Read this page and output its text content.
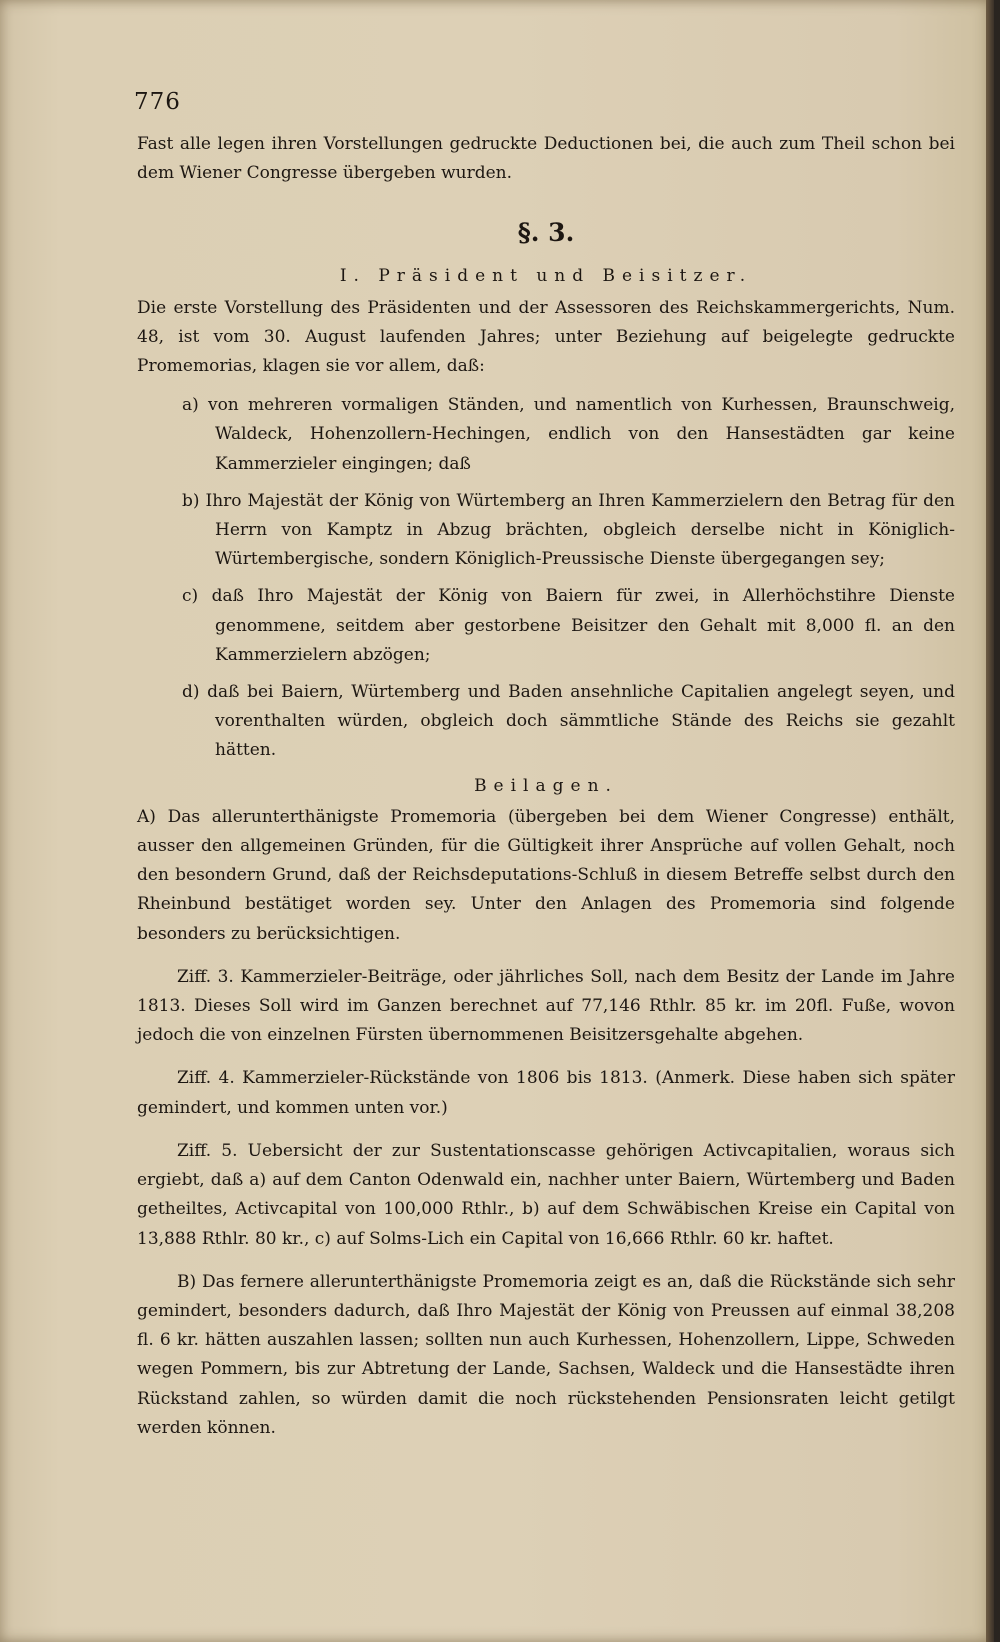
776

Fast alle legen ihren Vorstellungen gedruckte Deductionen bei, die auch zum Theil schon bei dem Wiener Congresse übergeben wurden.

§. 3.
I. Präsident und Beisitzer.

Die erste Vorstellung des Präsidenten und der Assessoren des Reichskammergerichts, Num. 48, ist vom 30. August laufenden Jahres; unter Beziehung auf beigelegte gedruckte Promemorias, klagen sie vor allem, daß:

a) von mehreren vormaligen Ständen, und namentlich von Kurhessen, Braunschweig, Waldeck, Hohenzollern-Hechingen, endlich von den Hansestädten gar keine Kammerzieler eingingen; daß

b) Ihro Majestät der König von Würtemberg an Ihren Kammerzielern den Betrag für den Herrn von Kamptz in Abzug brächten, obgleich derselbe nicht in Königlich-Würtembergische, sondern Königlich-Preussische Dienste übergegangen sey;

c) daß Ihro Majestät der König von Baiern für zwei, in Allerhöchstihre Dienste genommene, seitdem aber gestorbene Beisitzer den Gehalt mit 8,000 fl. an den Kammerzielern abzögen;

d) daß bei Baiern, Würtemberg und Baden ansehnliche Capitalien angelegt seyen, und vorenthalten würden, obgleich doch sämmtliche Stände des Reichs sie gezahlt hätten.

Beilagen.

A) Das allerunterthänigste Promemoria (übergeben bei dem Wiener Congresse) enthält, ausser den allgemeinen Gründen, für die Gültigkeit ihrer Ansprüche auf vollen Gehalt, noch den besondern Grund, daß der Reichsdeputations-Schluß in diesem Betreffe selbst durch den Rheinbund bestätiget worden sey. Unter den Anlagen des Promemoria sind folgende besonders zu berücksichtigen.

Ziff. 3. Kammerzieler-Beiträge, oder jährliches Soll, nach dem Besitz der Lande im Jahre 1813. Dieses Soll wird im Ganzen berechnet auf 77,146 Rthlr. 85 kr. im 20fl. Fuße, wovon jedoch die von einzelnen Fürsten übernommenen Beisitzersgehalte abgehen.

Ziff. 4. Kammerzieler-Rückstände von 1806 bis 1813. (Anmerk. Diese haben sich später gemindert, und kommen unten vor.)

Ziff. 5. Uebersicht der zur Sustentationscasse gehörigen Activcapitalien, woraus sich ergiebt, daß a) auf dem Canton Odenwald ein, nachher unter Baiern, Würtemberg und Baden getheiltes, Activcapital von 100,000 Rthlr., b) auf dem Schwäbischen Kreise ein Capital von 13,888 Rthlr. 80 kr., c) auf Solms-Lich ein Capital von 16,666 Rthlr. 60 kr. haftet.

B) Das fernere allerunterthänigste Promemoria zeigt es an, daß die Rückstände sich sehr gemindert, besonders dadurch, daß Ihro Majestät der König von Preussen auf einmal 38,208 fl. 6 kr. hätten auszahlen lassen; sollten nun auch Kurhessen, Hohenzollern, Lippe, Schweden wegen Pommern, bis zur Abtretung der Lande, Sachsen, Waldeck und die Hansestädte ihren Rückstand zahlen, so würden damit die noch rückstehenden Pensionsraten leicht getilgt werden können.
